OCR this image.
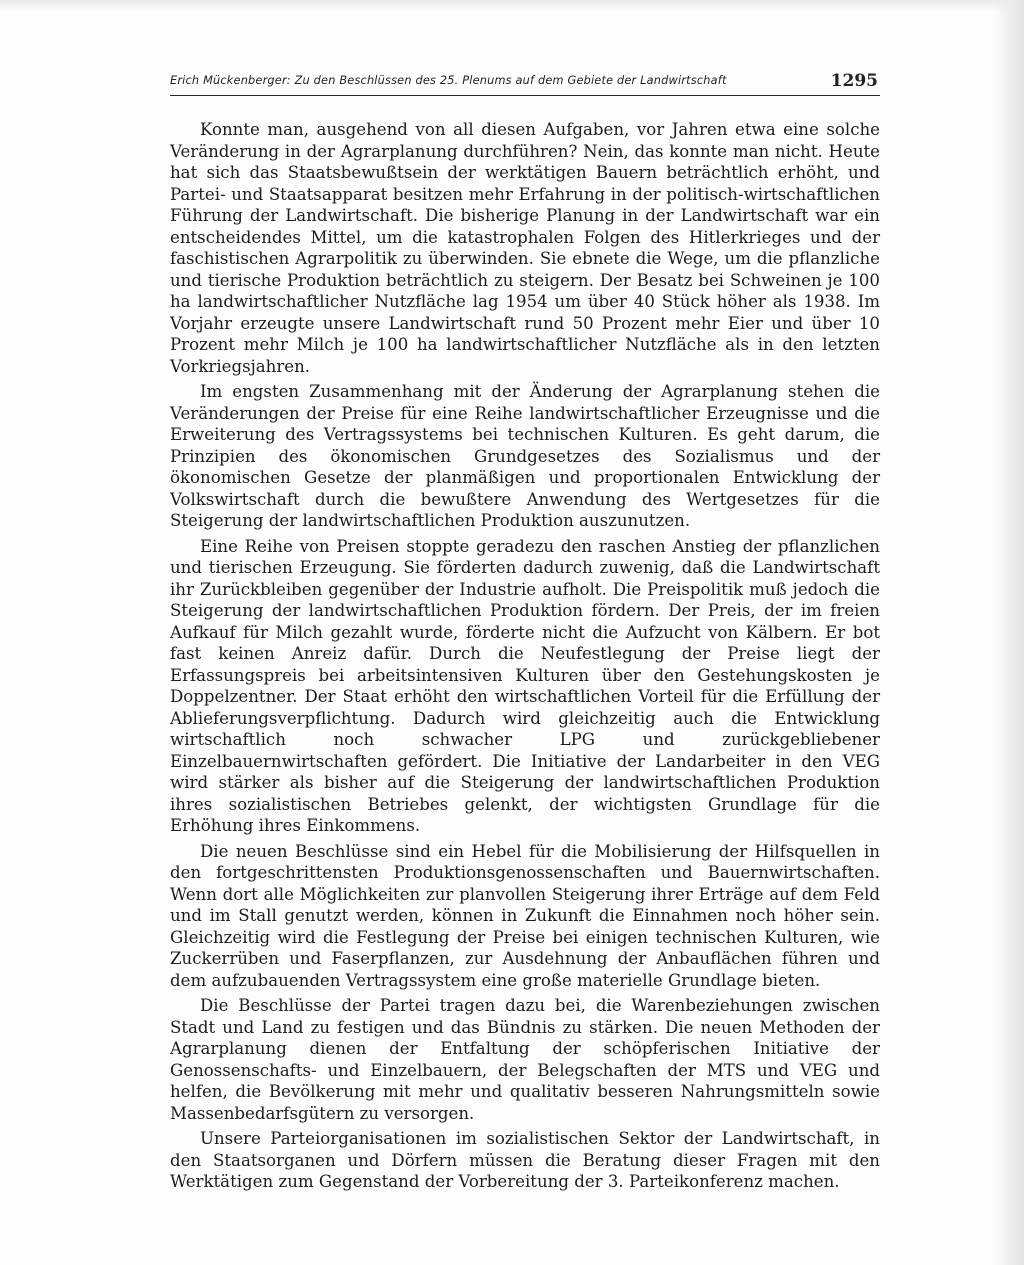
Erich Mückenberger: Zu den Beschlüssen des 25. Plenums auf dem Gebiete der Landwirtschaft	1295

Konnte man, ausgehend von all diesen Aufgaben, vor Jahren etwa eine solche Veränderung in der Agrarplanung durchführen? Nein, das konnte man nicht. Heute hat sich das Staatsbewußtsein der werktätigen Bauern beträchtlich erhöht, und Partei- und Staatsapparat besitzen mehr Erfahrung in der politisch-wirtschaftlichen Führung der Landwirtschaft. Die bisherige Planung in der Landwirtschaft war ein entscheidendes Mittel, um die katastrophalen Folgen des Hitlerkrieges und der faschistischen Agrarpolitik zu überwinden. Sie ebnete die Wege, um die pflanzliche und tierische Produktion beträchtlich zu steigern. Der Besatz bei Schweinen je 100 ha landwirtschaftlicher Nutzfläche lag 1954 um über 40 Stück höher als 1938. Im Vorjahr erzeugte unsere Landwirtschaft rund 50 Prozent mehr Eier und über 10 Prozent mehr Milch je 100 ha landwirtschaftlicher Nutzfläche als in den letzten Vorkriegsjahren.

Im engsten Zusammenhang mit der Änderung der Agrarplanung stehen die Veränderungen der Preise für eine Reihe landwirtschaftlicher Erzeugnisse und die Erweiterung des Vertragssystems bei technischen Kulturen. Es geht darum, die Prinzipien des ökonomischen Grundgesetzes des Sozialismus und der ökonomischen Gesetze der planmäßigen und proportionalen Entwicklung der Volkswirtschaft durch die bewußtere Anwendung des Wertgesetzes für die Steigerung der landwirtschaftlichen Produktion auszunutzen.

Eine Reihe von Preisen stoppte geradezu den raschen Anstieg der pflanzlichen und tierischen Erzeugung. Sie förderten dadurch zuwenig, daß die Landwirtschaft ihr Zurückbleiben gegenüber der Industrie aufholt. Die Preispolitik muß jedoch die Steigerung der landwirtschaftlichen Produktion fördern. Der Preis, der im freien Aufkauf für Milch gezahlt wurde, förderte nicht die Aufzucht von Kälbern. Er bot fast keinen Anreiz dafür. Durch die Neufestlegung der Preise liegt der Erfassungspreis bei arbeitsintensiven Kulturen über den Gestehungskosten je Doppelzentner. Der Staat erhöht den wirtschaftlichen Vorteil für die Erfüllung der Ablieferungsverpflichtung. Dadurch wird gleichzeitig auch die Entwicklung wirtschaftlich noch schwacher LPG und zurückgebliebener Einzelbauernwirtschaften gefördert. Die Initiative der Landarbeiter in den VEG wird stärker als bisher auf die Steigerung der landwirtschaftlichen Produktion ihres sozialistischen Betriebes gelenkt, der wichtigsten Grundlage für die Erhöhung ihres Einkommens.

Die neuen Beschlüsse sind ein Hebel für die Mobilisierung der Hilfsquellen in den fortgeschrittensten Produktionsgenossenschaften und Bauernwirtschaften. Wenn dort alle Möglichkeiten zur planvollen Steigerung ihrer Erträge auf dem Feld und im Stall genutzt werden, können in Zukunft die Einnahmen noch höher sein. Gleichzeitig wird die Festlegung der Preise bei einigen technischen Kulturen, wie Zuckerrüben und Faserpflanzen, zur Ausdehnung der Anbauflächen führen und dem aufzubauenden Vertragssystem eine große materielle Grundlage bieten.

Die Beschlüsse der Partei tragen dazu bei, die Warenbeziehungen zwischen Stadt und Land zu festigen und das Bündnis zu stärken. Die neuen Methoden der Agrarplanung dienen der Entfaltung der schöpferischen Initiative der Genossenschafts- und Einzelbauern, der Belegschaften der MTS und VEG und helfen, die Bevölkerung mit mehr und qualitativ besseren Nahrungsmitteln sowie Massenbedarfsgütern zu versorgen.

Unsere Parteiorganisationen im sozialistischen Sektor der Landwirtschaft, in den Staatsorganen und Dörfern müssen die Beratung dieser Fragen mit den Werktätigen zum Gegenstand der Vorbereitung der 3. Parteikonferenz machen.
